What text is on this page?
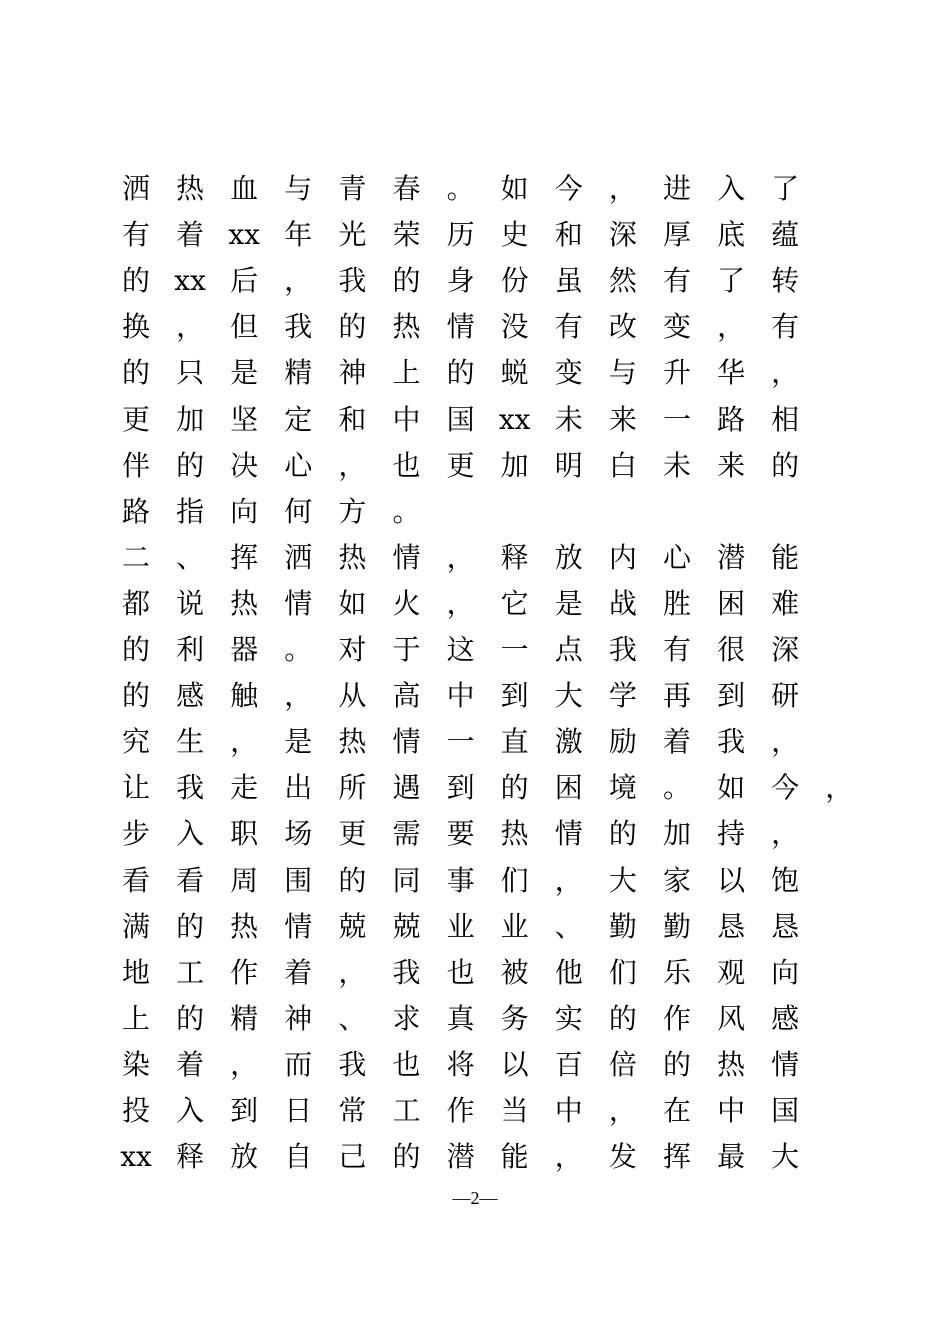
洒 热 血 与 青 春 。 如 今 ， 进 入 了
有 着 xx 年 光 荣 历 史 和 深 厚 底 蕴
的 xx 后 ， 我 的 身 份 虽 然 有 了 转
换 ， 但 我 的 热 情 没 有 改 变 ， 有
的 只 是 精 神 上 的 蜕 变 与 升 华 ，
更 加 坚 定 和 中 国 xx 未 来 一 路 相
伴 的 决 心 ， 也 更 加 明 白 未 来 的
路 指 向 何 方 。
二 、 挥 洒 热 情 ， 释 放 内 心 潜 能
都 说 热 情 如 火 ， 它 是 战 胜 困 难
的 利 器 。 对 于 这 一 点 我 有 很 深
的 感 触 ， 从 高 中 到 大 学 再 到 研
究 生 ， 是 热 情 一 直 激 励 着 我 ，
让 我 走 出 所 遇 到 的 困 境 。 如 今 ，
步 入 职 场 更 需 要 热 情 的 加 持 ，
看 看 周 围 的 同 事 们 ， 大 家 以 饱
满 的 热 情 兢 兢 业 业 、 勤 勤 恳 恳
地 工 作 着 ， 我 也 被 他 们 乐 观 向
上 的 精 神 、 求 真 务 实 的 作 风 感
染 着 ， 而 我 也 将 以 百 倍 的 热 情
投 入 到 日 常 工 作 当 中 ， 在 中 国
xx 释 放 自 己 的 潜 能 ， 发 挥 最 大
—2—
